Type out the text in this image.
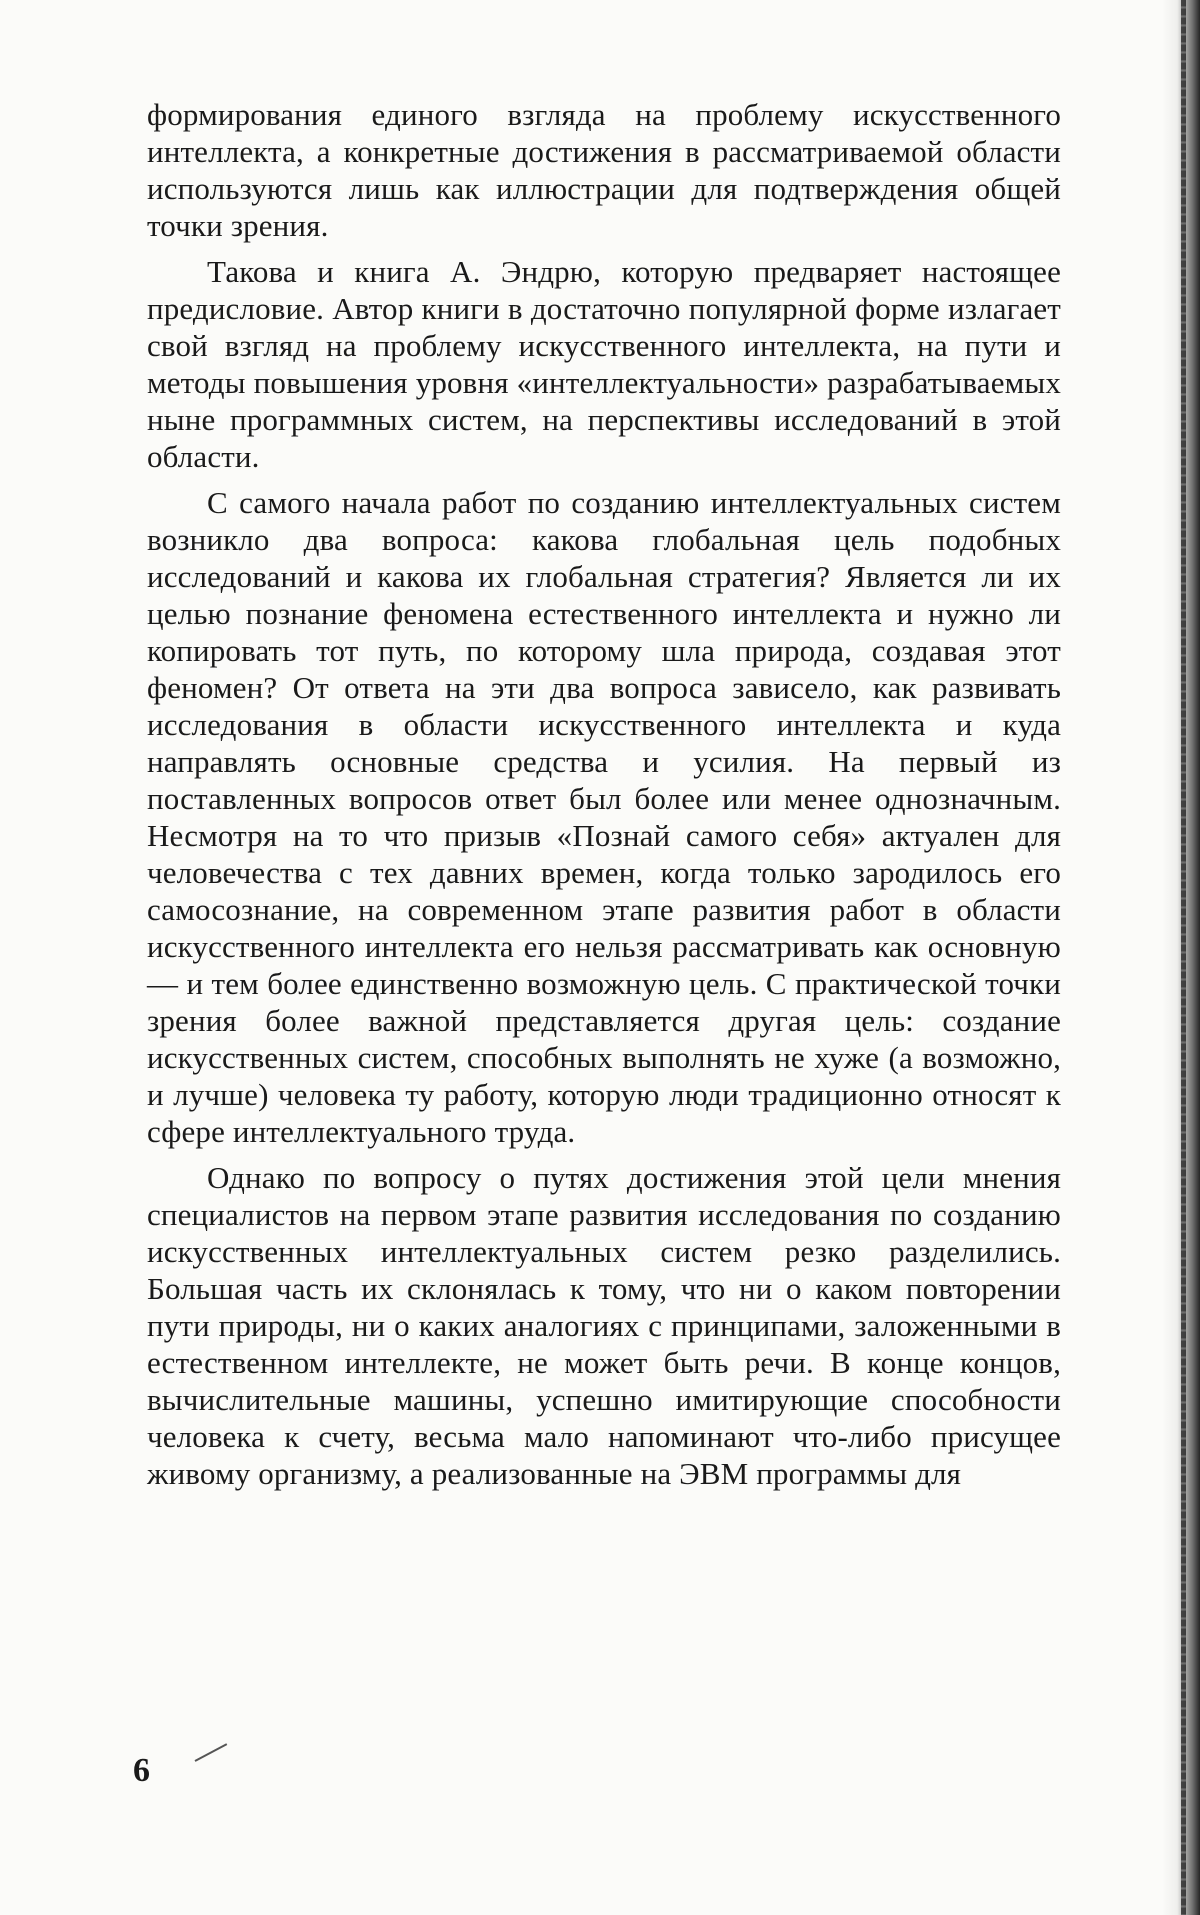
формирования единого взгляда на проблему искусственного интеллекта, а конкретные достижения в рассматриваемой области используются лишь как иллюстрации для подтверждения общей точки зрения.

Такова и книга А. Эндрю, которую предваряет настоящее предисловие. Автор книги в достаточно популярной форме излагает свой взгляд на проблему искусственного интеллекта, на пути и методы повышения уровня «интеллектуальности» разрабатываемых ныне программных систем, на перспективы исследований в этой области.

С самого начала работ по созданию интеллектуальных систем возникло два вопроса: какова глобальная цель подобных исследований и какова их глобальная стратегия? Является ли их целью познание феномена естественного интеллекта и нужно ли копировать тот путь, по которому шла природа, создавая этот феномен? От ответа на эти два вопроса зависело, как развивать исследования в области искусственного интеллекта и куда направлять основные средства и усилия. На первый из поставленных вопросов ответ был более или менее однозначным. Несмотря на то что призыв «Познай самого себя» актуален для человечества с тех давних времен, когда только зародилось его самосознание, на современном этапе развития работ в области искусственного интеллекта его нельзя рассматривать как основную — и тем более единственно возможную цель. С практической точки зрения более важной представляется другая цель: создание искусственных систем, способных выполнять не хуже (а возможно, и лучше) человека ту работу, которую люди традиционно относят к сфере интеллектуального труда.

Однако по вопросу о путях достижения этой цели мнения специалистов на первом этапе развития исследования по созданию искусственных интеллектуальных систем резко разделились. Большая часть их склонялась к тому, что ни о каком повторении пути природы, ни о каких аналогиях с принципами, заложенными в естественном интеллекте, не может быть речи. В конце концов, вычислительные машины, успешно имитирующие способности человека к счету, весьма мало напоминают что-либо присущее живому организму, а реализованные на ЭВМ программы для

6
